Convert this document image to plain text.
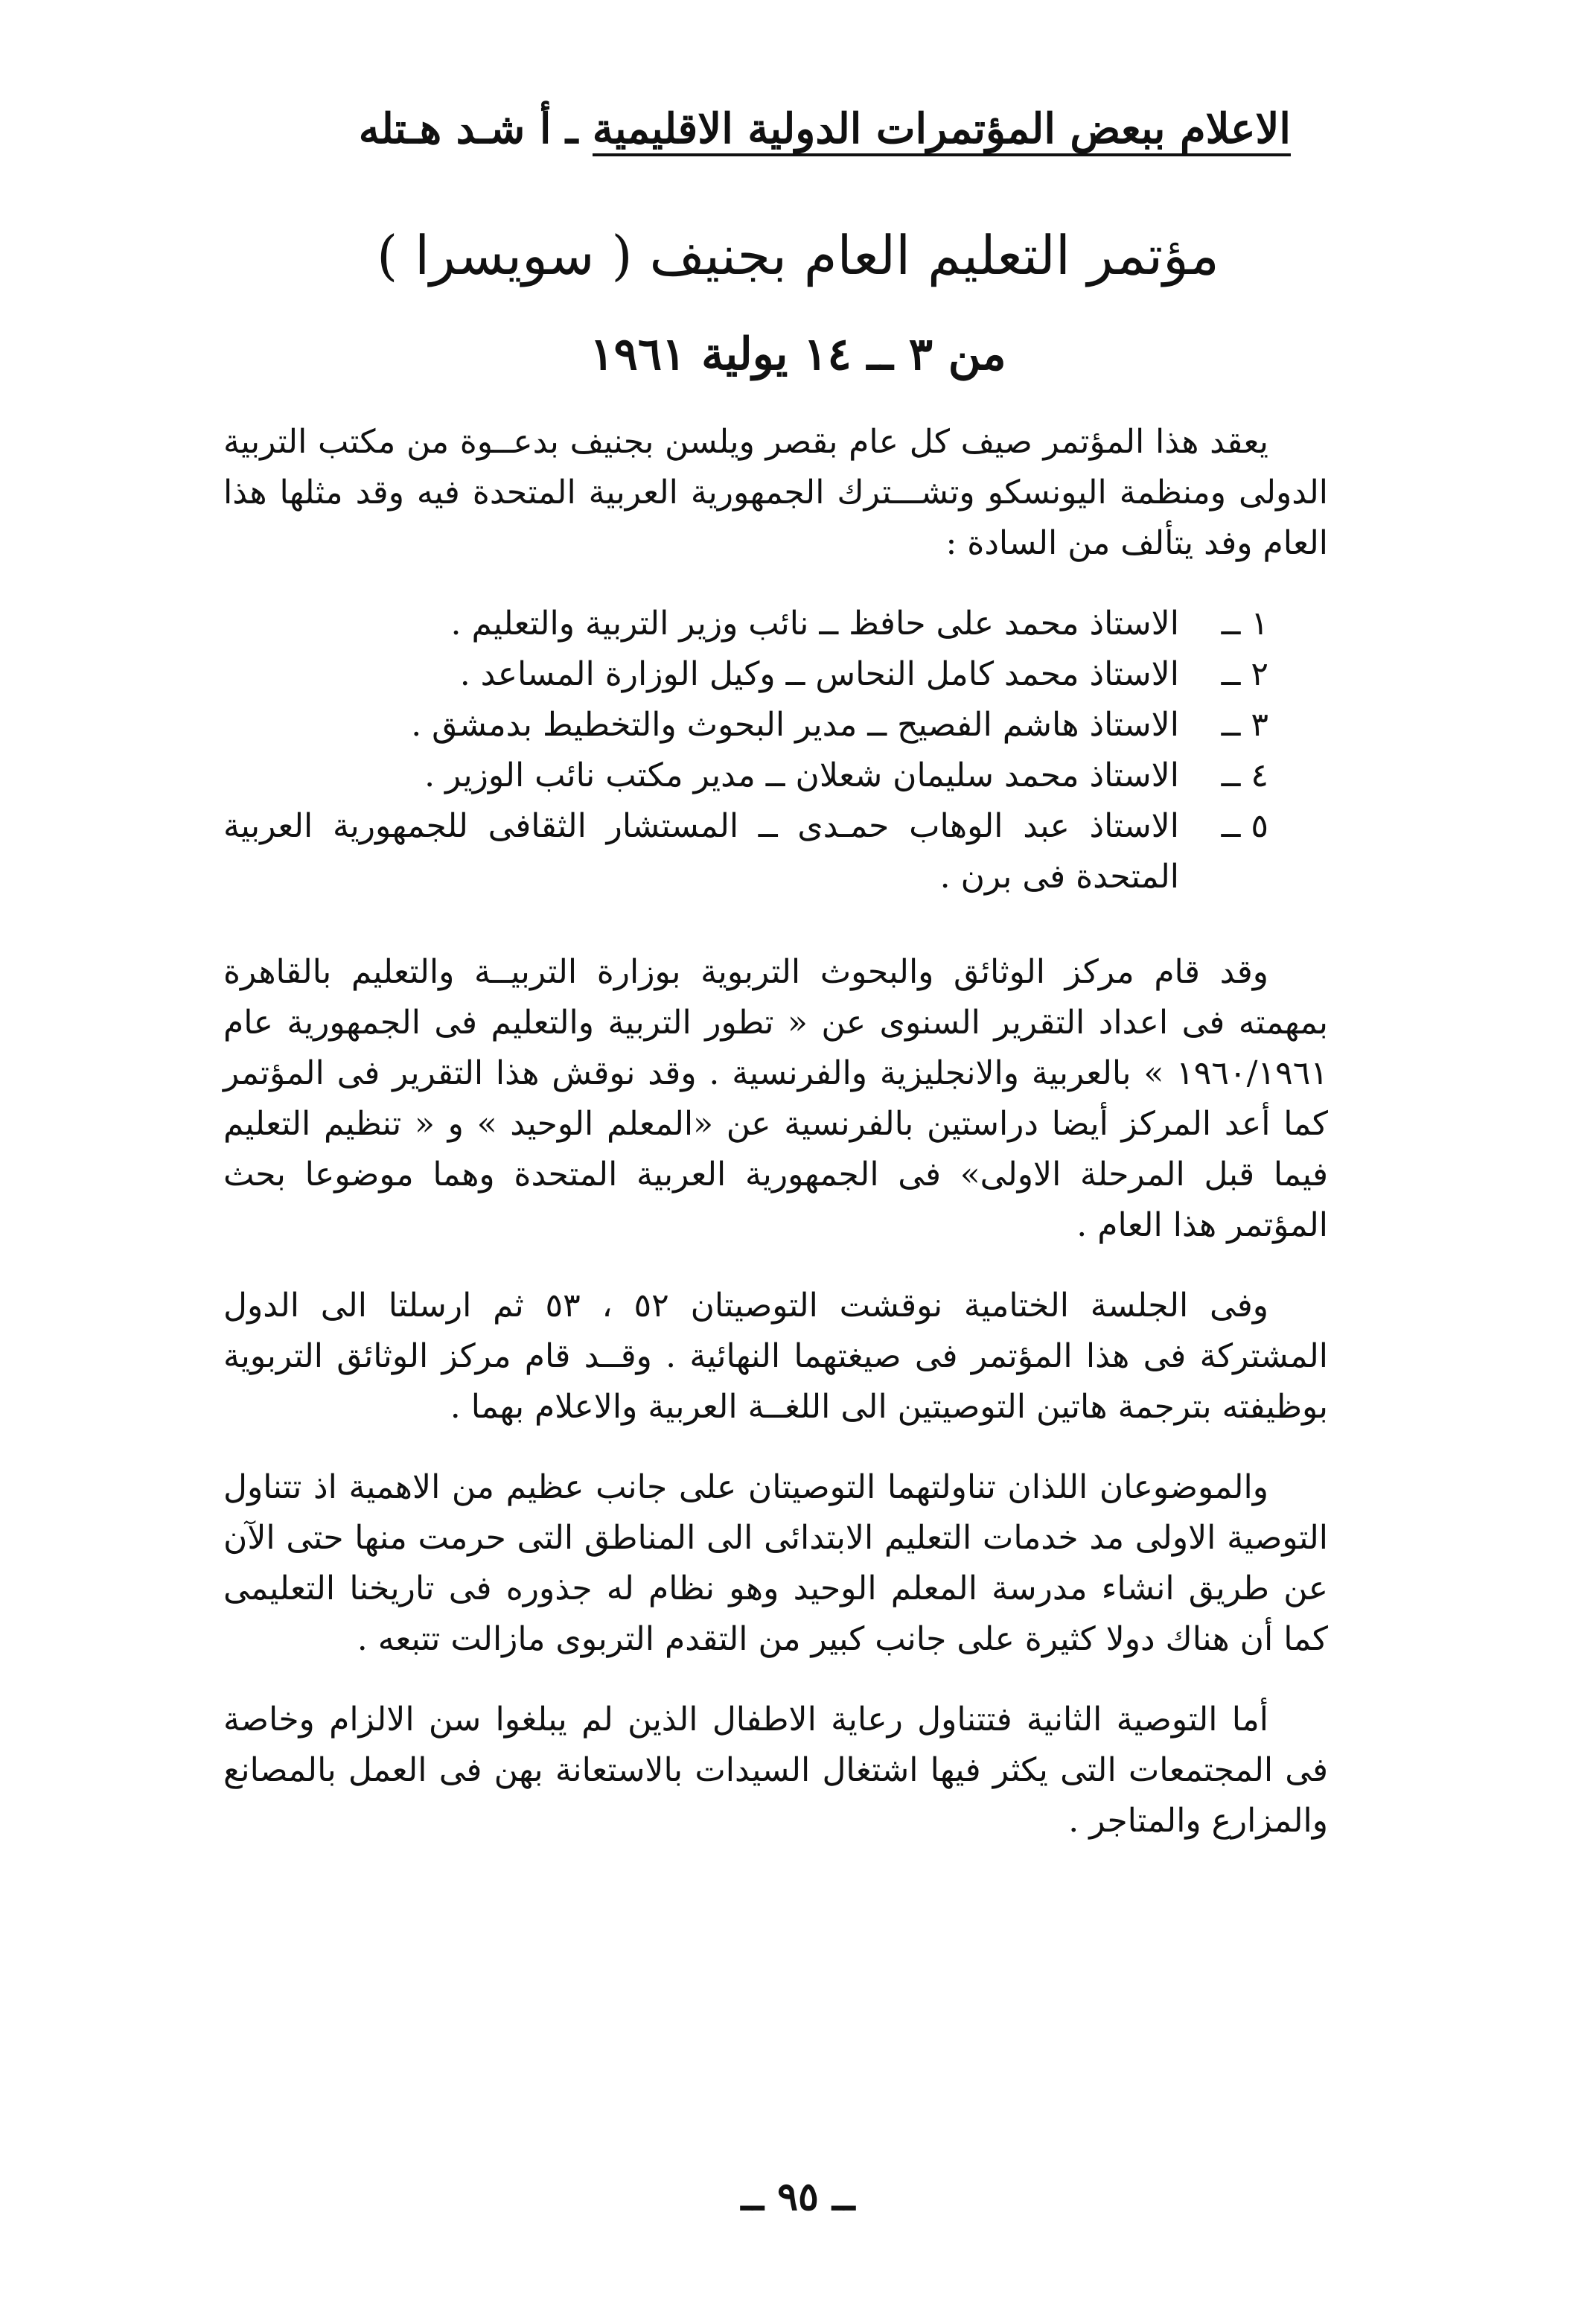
الاعلام ببعض المؤتمرات الدولية الاقليمية ـ أ شـد هـتله
مؤتمر التعليم العام بجنيف ( سويسرا )
من ٣ ــ ١٤ يولية ١٩٦١

يعقد هذا المؤتمر صيف كل عام بقصر ويلسن بجنيف بدعــوة من مكتب التربية الدولى ومنظمة اليونسكو وتشـــترك الجمهورية العربية المتحدة فيه وقد مثلها هذا العام وفد يتألف من السادة :

١ ــ
الاستاذ محمد على حافظ ــ نائب وزير التربية والتعليم .
٢ ــ
الاستاذ محمد كامل النحاس ــ وكيل الوزارة المساعد .
٣ ــ
الاستاذ هاشم الفصيح ــ مدير البحوث والتخطيط بدمشق .
٤ ــ
الاستاذ محمد سليمان شعلان ــ مدير مكتب نائب الوزير .
٥ ــ
الاستاذ عبد الوهاب حمـدى ــ المستشار الثقافى للجمهورية العربية المتحدة فى برن .

وقد قام مركز الوثائق والبحوث التربوية بوزارة التربيــة والتعليم بالقاهرة بمهمته فى اعداد التقرير السنوى عن « تطور التربية والتعليم فى الجمهورية عام ١٩٦٠/١٩٦١ » بالعربية والانجليزية والفرنسية . وقد نوقش هذا التقرير فى المؤتمر كما أعد المركز أيضا دراستين بالفرنسية عن «المعلم الوحيد » و « تنظيم التعليم فيما قبل المرحلة الاولى» فى الجمهورية العربية المتحدة وهما موضوعا بحث المؤتمر هذا العام .

وفى الجلسة الختامية نوقشت التوصيتان ٥٢ ، ٥٣ ثم ارسلتا الى الدول المشتركة فى هذا المؤتمر فى صيغتهما النهائية . وقــد قام مركز الوثائق التربوية بوظيفته بترجمة هاتين التوصيتين الى اللغــة العربية والاعلام بهما .

والموضوعان اللذان تناولتهما التوصيتان على جانب عظيم من الاهمية اذ تتناول التوصية الاولى مد خدمات التعليم الابتدائى الى المناطق التى حرمت منها حتى الآن عن طريق انشاء مدرسة المعلم الوحيد وهو نظام له جذوره فى تاريخنا التعليمى كما أن هناك دولا كثيرة على جانب كبير من التقدم التربوى مازالت تتبعه .

أما التوصية الثانية فتتناول رعاية الاطفال الذين لم يبلغوا سن الالزام وخاصة فى المجتمعات التى يكثر فيها اشتغال السيدات بالاستعانة بهن فى العمل بالمصانع والمزارع والمتاجر .

ــ ٩٥ ــ
